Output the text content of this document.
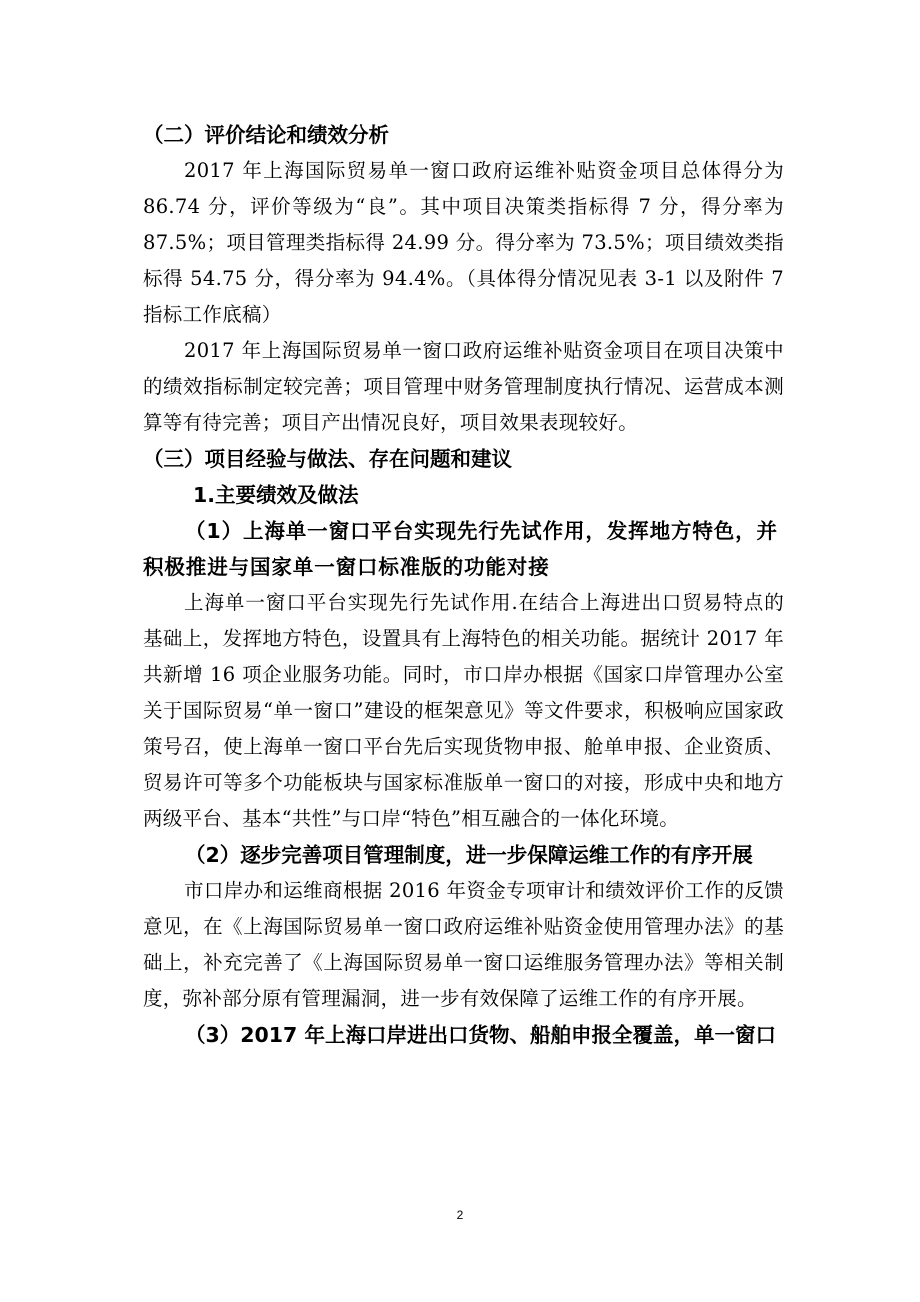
（二）评价结论和绩效分析

2017 年上海国际贸易单一窗口政府运维补贴资金项目总体得分为 86.74 分，评价等级为“良”。其中项目决策类指标得 7 分，得分率为 87.5%；项目管理类指标得 24.99 分。得分率为 73.5%；项目绩效类指标得 54.75 分，得分率为 94.4%。（具体得分情况见表 3-1 以及附件 7 指标工作底稿）

2017 年上海国际贸易单一窗口政府运维补贴资金项目在项目决策中的绩效指标制定较完善；项目管理中财务管理制度执行情况、运营成本测算等有待完善；项目产出情况良好，项目效果表现较好。

（三）项目经验与做法、存在问题和建议

1.主要绩效及做法

（1）上海单一窗口平台实现先行先试作用，发挥地方特色，并积极推进与国家单一窗口标准版的功能对接

上海单一窗口平台实现先行先试作用.在结合上海进出口贸易特点的基础上，发挥地方特色，设置具有上海特色的相关功能。据统计 2017 年共新增 16 项企业服务功能。同时，市口岸办根据《国家口岸管理办公室关于国际贸易“单一窗口”建设的框架意见》等文件要求，积极响应国家政策号召，使上海单一窗口平台先后实现货物申报、舱单申报、企业资质、贸易许可等多个功能板块与国家标准版单一窗口的对接，形成中央和地方两级平台、基本“共性”与口岸“特色”相互融合的一体化环境。

（2）逐步完善项目管理制度，进一步保障运维工作的有序开展

市口岸办和运维商根据 2016 年资金专项审计和绩效评价工作的反馈意见，在《上海国际贸易单一窗口政府运维补贴资金使用管理办法》的基础上，补充完善了《上海国际贸易单一窗口运维服务管理办法》等相关制度，弥补部分原有管理漏洞，进一步有效保障了运维工作的有序开展。

（3）2017 年上海口岸进出口货物、船舶申报全覆盖，单一窗口

2
